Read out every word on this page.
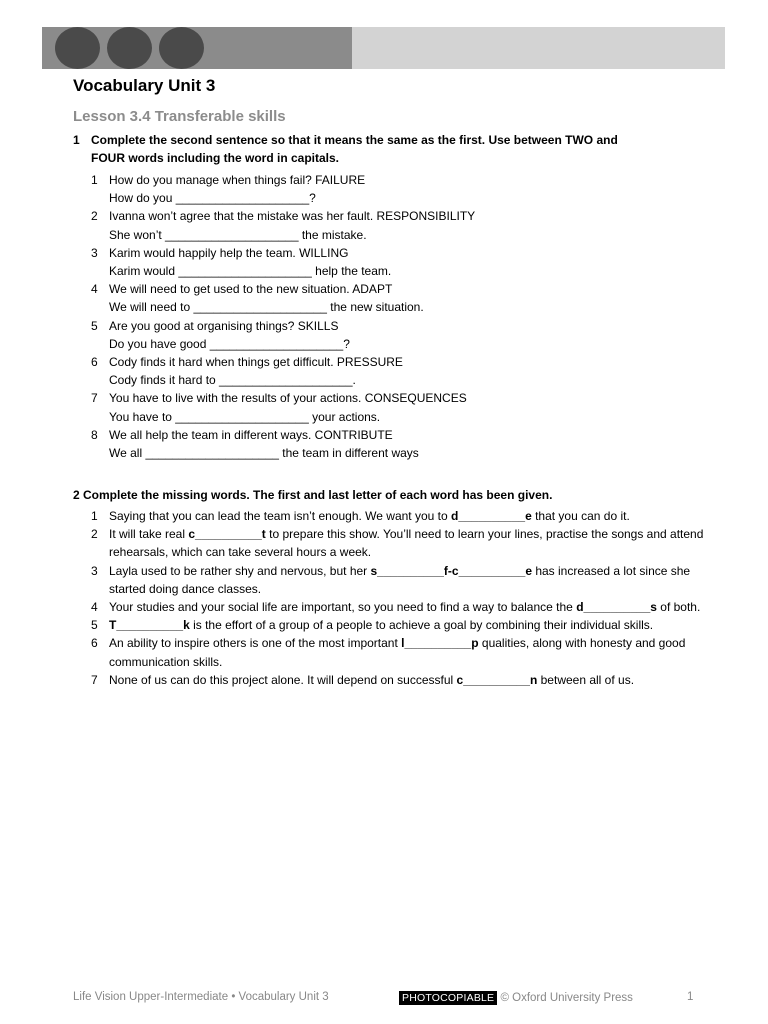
Vocabulary Unit 3
Lesson 3.4 Transferable skills
1 Complete the second sentence so that it means the same as the first. Use between TWO and FOUR words including the word in capitals.
1 How do you manage when things fail? FAILURE
How do you ____________________?
2 Ivanna won’t agree that the mistake was her fault. RESPONSIBILITY
She won’t ____________________ the mistake.
3 Karim would happily help the team. WILLING
Karim would ____________________ help the team.
4 We will need to get used to the new situation. ADAPT
We will need to ____________________ the new situation.
5 Are you good at organising things? SKILLS
Do you have good ____________________?
6 Cody finds it hard when things get difficult. PRESSURE
Cody finds it hard to ____________________.
7 You have to live with the results of your actions. CONSEQUENCES
You have to ____________________ your actions.
8 We all help the team in different ways. CONTRIBUTE
We all ____________________ the team in different ways
2 Complete the missing words. The first and last letter of each word has been given.
1 Saying that you can lead the team isn’t enough. We want you to d__________e that you can do it.
2 It will take real c__________t to prepare this show. You’ll need to learn your lines, practise the songs and attend rehearsals, which can take several hours a week.
3 Layla used to be rather shy and nervous, but her s__________f-c__________e has increased a lot since she started doing dance classes.
4 Your studies and your social life are important, so you need to find a way to balance the d__________s of both.
5 T__________k is the effort of a group of a people to achieve a goal by combining their individual skills.
6 An ability to inspire others is one of the most important l__________p qualities, along with honesty and good communication skills.
7 None of us can do this project alone. It will depend on successful c__________n between all of us.
Life Vision Upper-Intermediate • Vocabulary Unit 3	PHOTOCOPIABLE © Oxford University Press	1
